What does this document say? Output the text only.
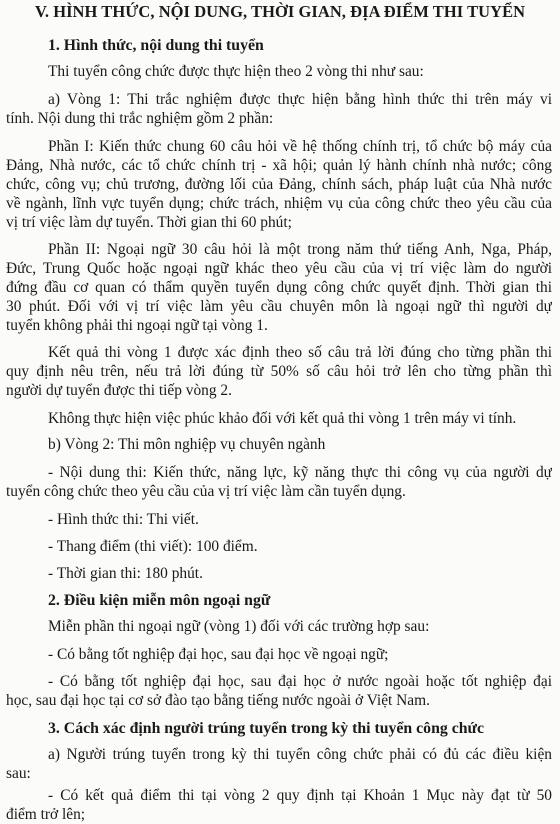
V. HÌNH THỨC, NỘI DUNG, THỜI GIAN, ĐỊA ĐIỂM THI TUYỂN
1. Hình thức, nội dung thi tuyển
Thi tuyển công chức được thực hiện theo 2 vòng thi như sau:
a) Vòng 1: Thi trắc nghiệm được thực hiện bằng hình thức thi trên máy vi
tính. Nội dung thi trắc nghiệm gồm 2 phần:
Phần I: Kiến thức chung 60 câu hỏi về hệ thống chính trị, tổ chức bộ máy của
Đảng, Nhà nước, các tổ chức chính trị - xã hội; quản lý hành chính nhà nước; công
chức, công vụ; chủ trương, đường lối của Đảng, chính sách, pháp luật của Nhà nước
về ngành, lĩnh vực tuyển dụng; chức trách, nhiệm vụ của công chức theo yêu cầu của
vị trí việc làm dự tuyển. Thời gian thi 60 phút;
Phần II: Ngoại ngữ 30 câu hỏi là một trong năm thứ tiếng Anh, Nga, Pháp,
Đức, Trung Quốc hoặc ngoại ngữ khác theo yêu cầu của vị trí việc làm do người
đứng đầu cơ quan có thẩm quyền tuyển dụng công chức quyết định. Thời gian thi
30 phút. Đối với vị trí việc làm yêu cầu chuyên môn là ngoại ngữ thì người dự
tuyển không phải thi ngoại ngữ tại vòng 1.
Kết quả thi vòng 1 được xác định theo số câu trả lời đúng cho từng phần thi
quy định nêu trên, nếu trả lời đúng từ 50% số câu hỏi trở lên cho từng phần thì
người dự tuyển được thi tiếp vòng 2.
Không thực hiện việc phúc khảo đối với kết quả thi vòng 1 trên máy vi tính.
b) Vòng 2: Thi môn nghiệp vụ chuyên ngành
- Nội dung thi: Kiến thức, năng lực, kỹ năng thực thi công vụ của người dự
tuyển công chức theo yêu cầu của vị trí việc làm cần tuyển dụng.
- Hình thức thi: Thi viết.
- Thang điểm (thi viết): 100 điểm.
- Thời gian thi: 180 phút.
2. Điều kiện miễn môn ngoại ngữ
Miễn phần thi ngoại ngữ (vòng 1) đối với các trường hợp sau:
- Có bằng tốt nghiệp đại học, sau đại học về ngoại ngữ;
- Có bằng tốt nghiệp đại học, sau đại học ở nước ngoài hoặc tốt nghiệp đại
học, sau đại học tại cơ sở đào tạo bằng tiếng nước ngoài ở Việt Nam.
3. Cách xác định người trúng tuyển trong kỳ thi tuyển công chức
a) Người trúng tuyển trong kỳ thi tuyển công chức phải có đủ các điều kiện
sau:
- Có kết quả điểm thi tại vòng 2 quy định tại Khoản 1 Mục này đạt từ 50
điểm trở lên;
